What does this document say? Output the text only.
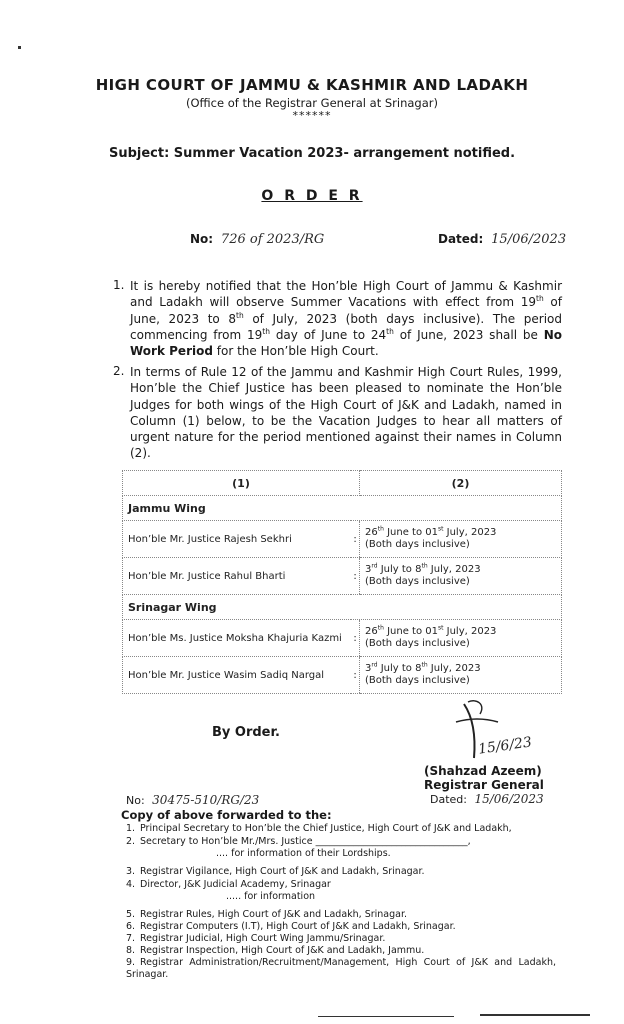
HIGH COURT OF JAMMU & KASHMIR AND LADAKH
(Office of the Registrar General at Srinagar)
******
Subject: Summer Vacation 2023- arrangement notified.
O R D E R
No: 726 of 2023/RG	Dated: 15/06/2023
1. It is hereby notified that the Hon’ble High Court of Jammu & Kashmir and Ladakh will observe Summer Vacations with effect from 19th of June, 2023 to 8th of July, 2023 (both days inclusive). The period commencing from 19th day of June to 24th of June, 2023 shall be No Work Period for the Hon’ble High Court.
2. In terms of Rule 12 of the Jammu and Kashmir High Court Rules, 1999, Hon’ble the Chief Justice has been pleased to nominate the Hon’ble Judges for both wings of the High Court of J&K and Ladakh, named in Column (1) below, to be the Vacation Judges to hear all matters of urgent nature for the period mentioned against their names in Column (2).
(1)		(2)
Jammu Wing		
Hon’ble Mr. Justice Rajesh Sekhri	:	26th June to 01st July, 2023
(Both days inclusive)
Hon’ble Mr. Justice Rahul Bharti	:	3rd July to 8th July, 2023
(Both days inclusive)
Srinagar Wing		
Hon’ble Ms. Justice Moksha Khajuria Kazmi	:	26th June to 01st July, 2023
(Both days inclusive)
Hon’ble Mr. Justice Wasim Sadiq Nargal	:	3rd July to 8th July, 2023
(Both days inclusive)
By Order.
15/6/23
(Shahzad Azeem)
Registrar General
Dated: 15/06/2023
No: 30475-510/RG/23
Copy of above forwarded to the:
1. Principal Secretary to Hon’ble the Chief Justice, High Court of J&K and Ladakh,
2. Secretary to Hon’ble Mr./Mrs. Justice ________________________________,
.... for information of their Lordships.
3. Registrar Vigilance, High Court of J&K and Ladakh, Srinagar.
4. Director, J&K Judicial Academy, Srinagar
..... for information
5. Registrar Rules, High Court of J&K and Ladakh, Srinagar.
6. Registrar Computers (I.T), High Court of J&K and Ladakh, Srinagar.
7. Registrar Judicial, High Court Wing Jammu/Srinagar.
8. Registrar Inspection, High Court of J&K and Ladakh, Jammu.
9. Registrar Administration/Recruitment/Management, High Court of J&K and Ladakh, Srinagar.
